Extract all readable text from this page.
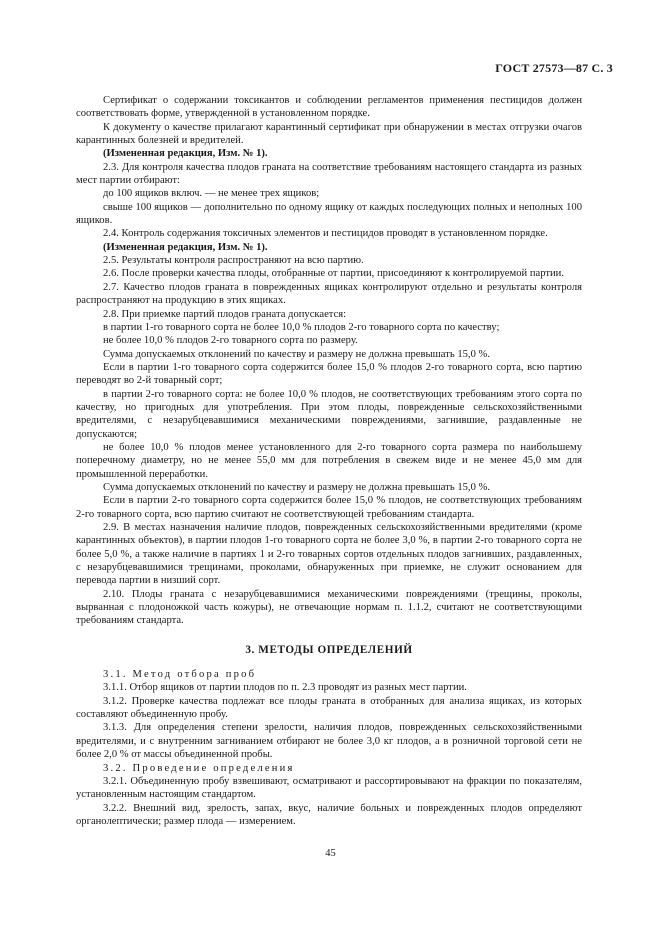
ГОСТ 27573—87 С. 3

Сертификат о содержании токсикантов и соблюдении регламентов применения пестицидов должен соответствовать форме, утвержденной в установленном порядке.

К документу о качестве прилагают карантинный сертификат при обнаружении в местах отгрузки очагов карантинных болезней и вредителей.

(Измененная редакция, Изм. № 1).

2.3. Для контроля качества плодов граната на соответствие требованиям настоящего стандарта из разных мест партии отбирают:

до 100 ящиков включ. — не менее трех ящиков;

свыше 100 ящиков — дополнительно по одному ящику от каждых последующих полных и неполных 100 ящиков.

2.4. Контроль содержания токсичных элементов и пестицидов проводят в установленном порядке.

(Измененная редакция, Изм. № 1).

2.5. Результаты контроля распространяют на всю партию.

2.6. После проверки качества плоды, отобранные от партии, присоединяют к контролируемой партии.

2.7. Качество плодов граната в поврежденных ящиках контролируют отдельно и результаты контроля распространяют на продукцию в этих ящиках.

2.8. При приемке партий плодов граната допускается:

в партии 1-го товарного сорта не более 10,0 % плодов 2-го товарного сорта по качеству;

не более 10,0 % плодов 2-го товарного сорта по размеру.

Сумма допускаемых отклонений по качеству и размеру не должна превышать 15,0 %.

Если в партии 1-го товарного сорта содержится более 15,0 % плодов 2-го товарного сорта, всю партию переводят во 2-й товарный сорт;

в партии 2-го товарного сорта: не более 10,0 % плодов, не соответствующих требованиям этого сорта по качеству, но пригодных для употребления. При этом плоды, поврежденные сельскохозяйственными вредителями, с незарубцевавшимися механическими повреждениями, загнившие, раздавленные не допускаются;

не более 10,0 % плодов менее установленного для 2-го товарного сорта размера по наибольшему поперечному диаметру, но не менее 55,0 мм для потребления в свежем виде и не менее 45,0 мм для промышленной переработки.

Сумма допускаемых отклонений по качеству и размеру не должна превышать 15,0 %.

Если в партии 2-го товарного сорта содержится более 15,0 % плодов, не соответствующих требованиям 2-го товарного сорта, всю партию считают не соответствующей требованиям стандарта.

2.9. В местах назначения наличие плодов, поврежденных сельскохозяйственными вредителями (кроме карантинных объектов), в партии плодов 1-го товарного сорта не более 3,0 %, в партии 2-го товарного сорта не более 5,0 %, а также наличие в партиях 1 и 2-го товарных сортов отдельных плодов загнивших, раздавленных, с незарубцевавшимися трещинами, проколами, обнаруженных при приемке, не служит основанием для перевода партии в низший сорт.

2.10. Плоды граната с незарубцевавшимися механическими повреждениями (трещины, проколы, вырванная с плодоножкой часть кожуры), не отвечающие нормам п. 1.1.2, считают не соответствующими требованиям стандарта.

3. МЕТОДЫ ОПРЕДЕЛЕНИЙ

3.1. Метод отбора проб

3.1.1. Отбор ящиков от партии плодов по п. 2.3 проводят из разных мест партии.

3.1.2. Проверке качества подлежат все плоды граната в отобранных для анализа ящиках, из которых составляют объединенную пробу.

3.1.3. Для определения степени зрелости, наличия плодов, поврежденных сельскохозяйственными вредителями, и с внутренним загниванием отбирают не более 3,0 кг плодов, а в розничной торговой сети не более 2,0 % от массы объединенной пробы.

3.2. Проведение определения

3.2.1. Объединенную пробу взвешивают, осматривают и рассортировывают на фракции по показателям, установленным настоящим стандартом.

3.2.2. Внешний вид, зрелость, запах, вкус, наличие больных и поврежденных плодов определяют органолептически; размер плода — измерением.

45
